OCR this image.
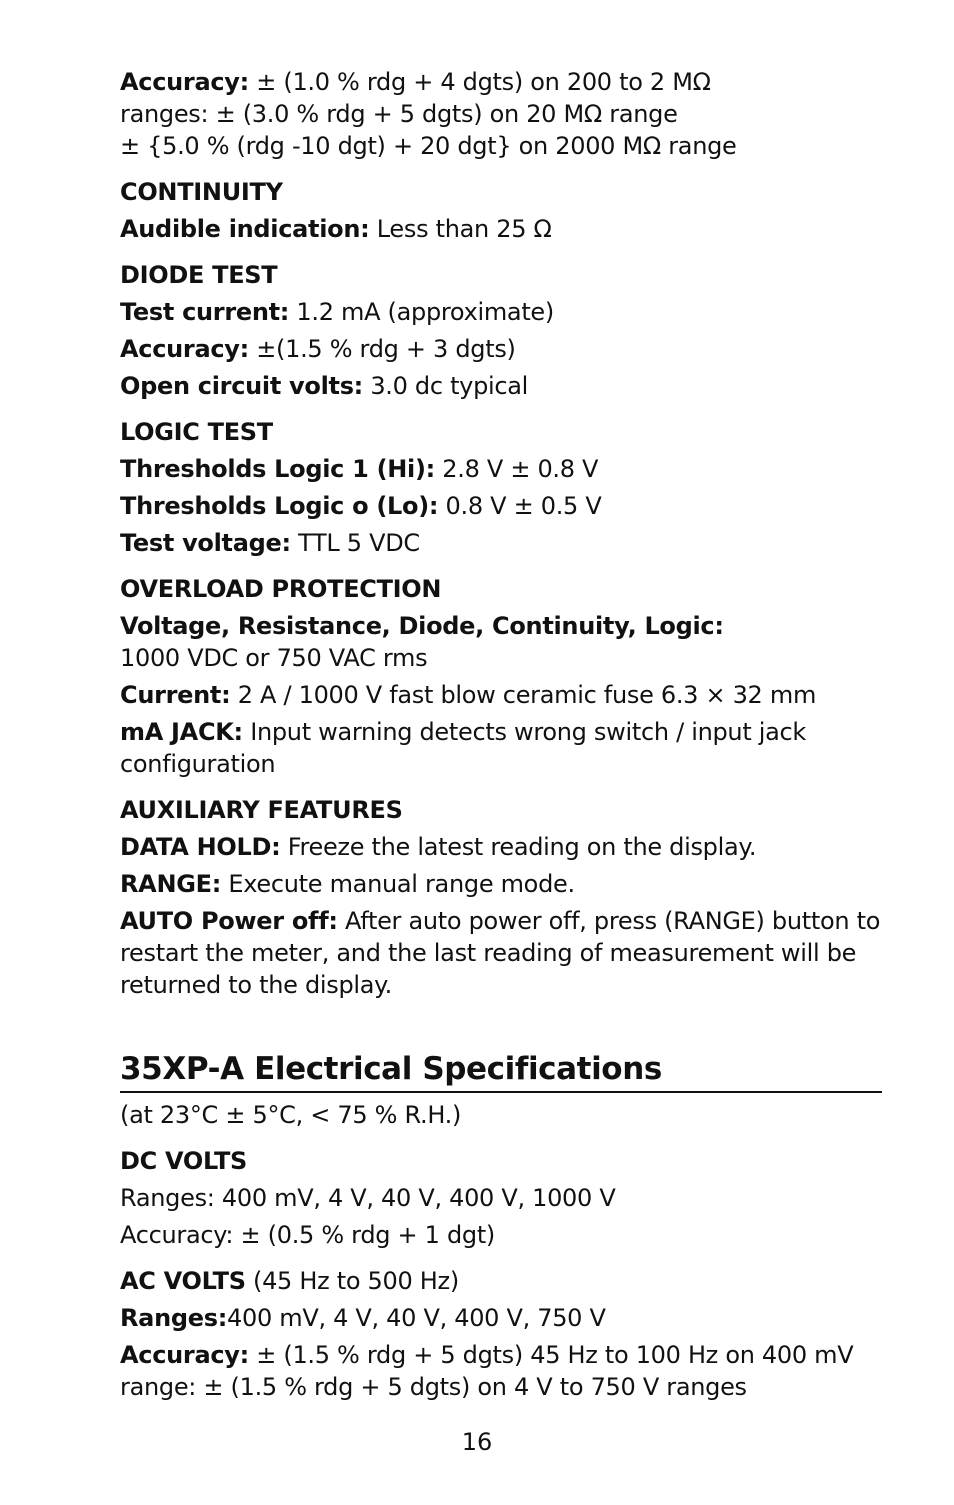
Accuracy: ± (1.0 % rdg + 4 dgts) on 200 to 2 MΩ
ranges: ± (3.0 % rdg + 5 dgts) on 20 MΩ range
± {5.0 % (rdg -10 dgt) + 20 dgt} on 2000 MΩ range
CONTINUITY
Audible indication: Less than 25 Ω
DIODE TEST
Test current: 1.2 mA (approximate)
Accuracy: ±(1.5 % rdg + 3 dgts)
Open circuit volts: 3.0 dc typical
LOGIC TEST
Thresholds Logic 1 (Hi): 2.8 V ± 0.8 V
Thresholds Logic o (Lo): 0.8 V ± 0.5 V
Test voltage: TTL 5 VDC
OVERLOAD PROTECTION
Voltage, Resistance, Diode, Continuity, Logic:
1000 VDC or 750 VAC rms
Current: 2 A / 1000 V fast blow ceramic fuse 6.3 × 32 mm
mA JACK: Input warning detects wrong switch / input jack configuration
AUXILIARY FEATURES
DATA HOLD: Freeze the latest reading on the display.
RANGE: Execute manual range mode.
AUTO Power off: After auto power off, press (RANGE) button to restart the meter, and the last reading of measurement will be returned to the display.
35XP-A Electrical Specifications
(at 23°C ± 5°C, < 75 % R.H.)
DC VOLTS
Ranges: 400 mV, 4 V, 40 V, 400 V, 1000 V
Accuracy: ± (0.5 % rdg + 1 dgt)
AC VOLTS (45 Hz to 500 Hz)
Ranges:400 mV, 4 V, 40 V, 400 V, 750 V
Accuracy: ± (1.5 % rdg + 5 dgts) 45 Hz to 100 Hz on 400 mV range: ± (1.5 % rdg + 5 dgts) on 4 V to 750 V ranges
16
